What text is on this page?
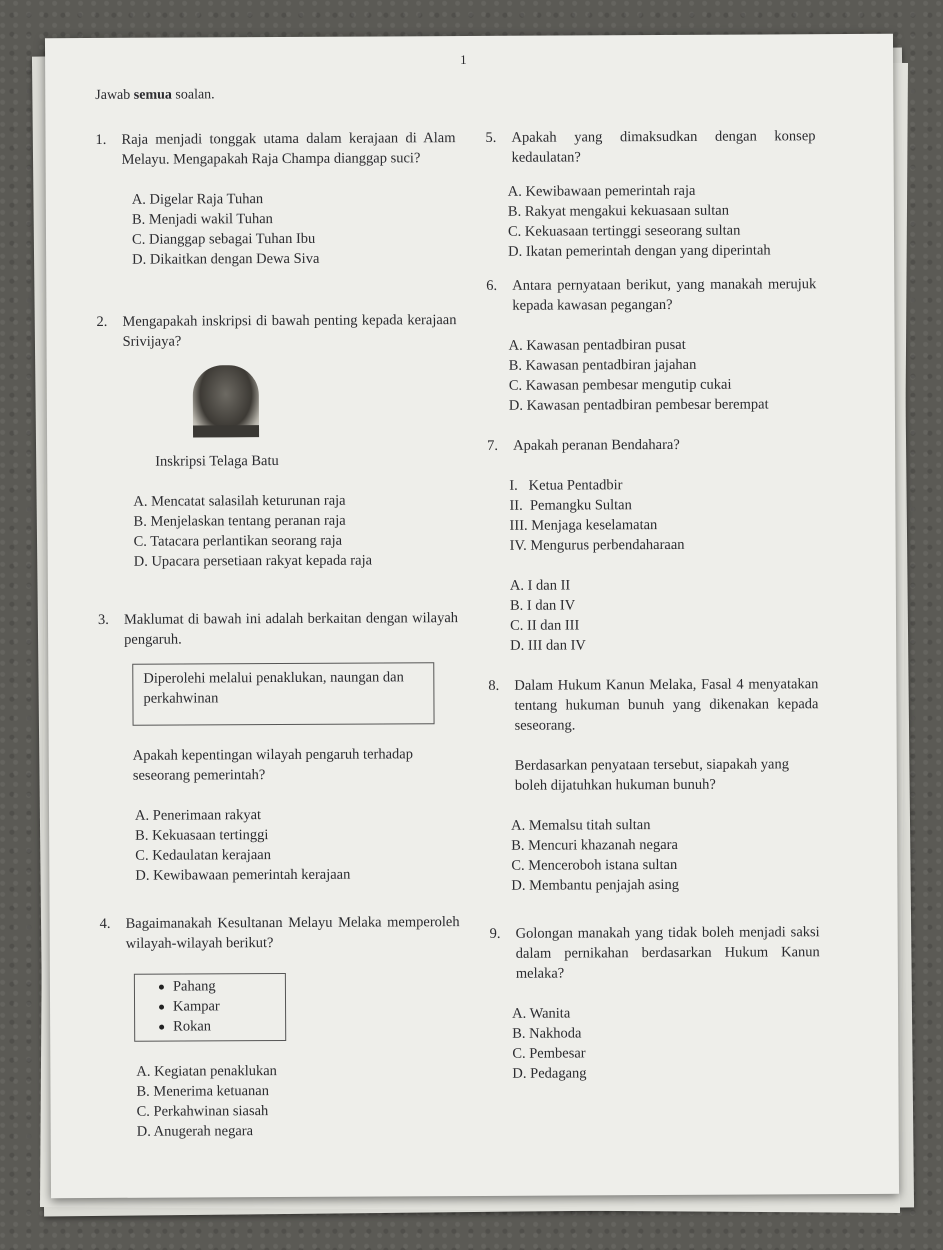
1
Jawab semua soalan.
1.	Raja menjadi tonggak utama dalam kerajaan di Alam Melayu. Mengapakah Raja Champa dianggap suci?

A. Digelar Raja Tuhan

B. Menjadi wakil Tuhan

C. Dianggap sebagai Tuhan Ibu

D. Dikaitkan dengan Dewa Siva

2.	Mengapakah inskripsi di bawah penting kepada kerajaan Srivijaya?

Inskripsi Telaga Batu

A. Mencatat salasilah keturunan raja

B. Menjelaskan tentang peranan raja

C. Tatacara perlantikan seorang raja

D. Upacara persetiaan rakyat kepada raja

3.	Maklumat di bawah ini adalah berkaitan dengan wilayah pengaruh.
Diperolehi melalui penaklukan, naungan dan perkahwinan

Apakah kepentingan wilayah pengaruh terhadap seseorang pemerintah?

A. Penerimaan rakyat

B. Kekuasaan tertinggi

C. Kedaulatan kerajaan

D. Kewibawaan pemerintah kerajaan

4.	Bagaimanakah Kesultanan Melayu Melaka memperoleh wilayah-wilayah berikut?
Pahang
Kampar
Rokan

A. Kegiatan penaklukan

B. Menerima ketuanan

C. Perkahwinan siasah

D. Anugerah negara

5.	Apakah yang dimaksudkan dengan konsep kedaulatan?

A. Kewibawaan pemerintah raja

B. Rakyat mengakui kekuasaan sultan

C. Kekuasaan tertinggi seseorang sultan

D. Ikatan pemerintah dengan yang diperintah

6.	Antara pernyataan berikut, yang manakah merujuk kepada kawasan pegangan?

A. Kawasan pentadbiran pusat

B. Kawasan pentadbiran jajahan

C. Kawasan pembesar mengutip cukai

D. Kawasan pentadbiran pembesar berempat

7.	Apakah peranan Bendahara?

I.   Ketua Pentadbir

II.  Pemangku Sultan

III. Menjaga keselamatan

IV. Mengurus perbendaharaan

A. I dan II

B. I dan IV

C. II dan III

D. III dan IV

8.	Dalam Hukum Kanun Melaka, Fasal 4 menyatakan tentang hukuman bunuh yang dikenakan kepada seseorang.

Berdasarkan penyataan tersebut, siapakah yang boleh dijatuhkan hukuman bunuh?

A. Memalsu titah sultan

B. Mencuri khazanah negara

C. Menceroboh istana sultan

D. Membantu penjajah asing

9.	Golongan manakah yang tidak boleh menjadi saksi dalam pernikahan berdasarkan Hukum Kanun melaka?

A. Wanita

B. Nakhoda

C. Pembesar

D. Pedagang
